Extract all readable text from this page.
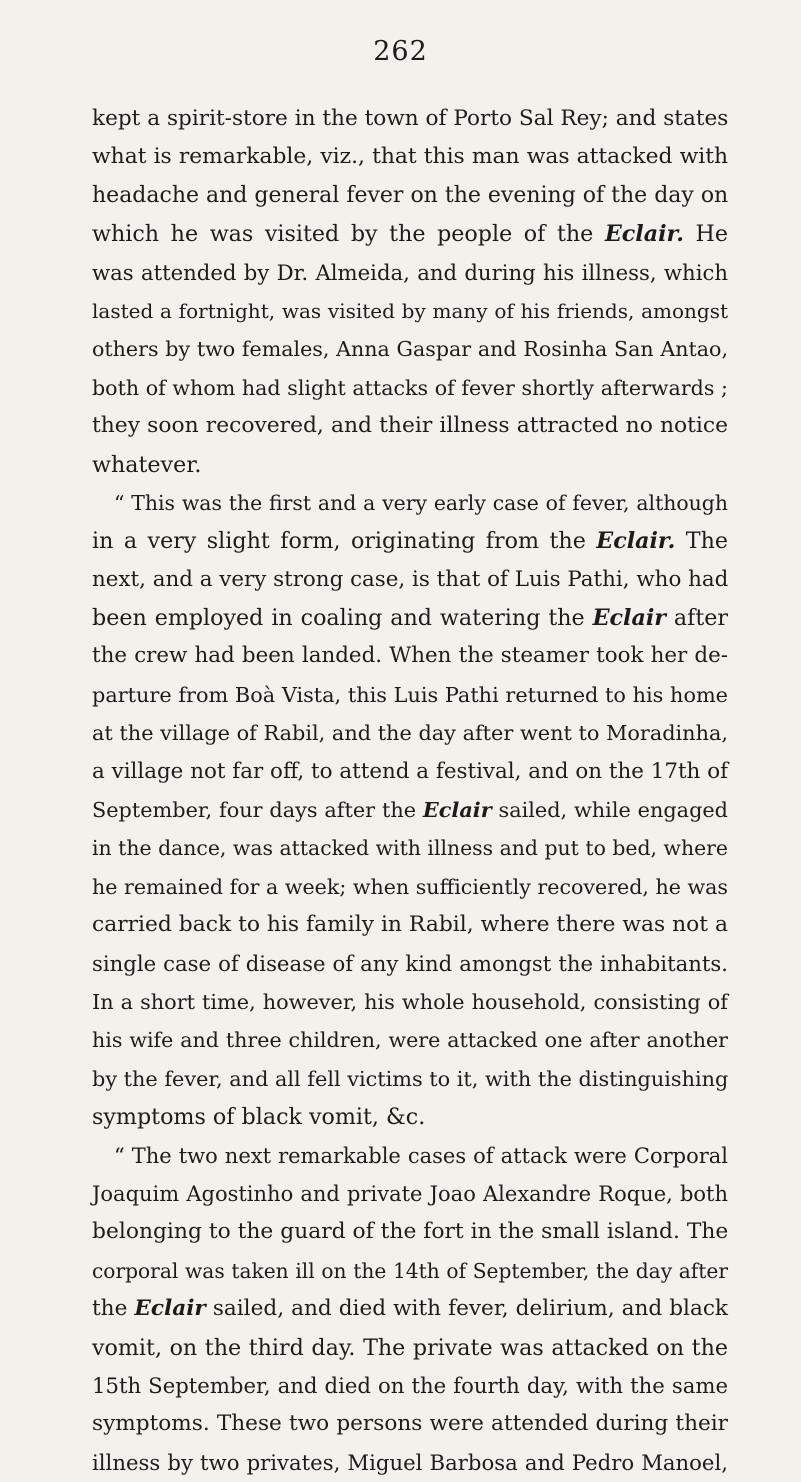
262
kept a spirit-store in the town of Porto Sal Rey; and states
what is remarkable, viz., that this man was attacked with
headache and general fever on the evening of the day on
which he was visited by the people of the Eclair. He
was attended by Dr. Almeida, and during his illness, which
lasted a fortnight, was visited by many of his friends, amongst
others by two females, Anna Gaspar and Rosinha San Antao,
both of whom had slight attacks of fever shortly afterwards ;
they soon recovered, and their illness attracted no notice
whatever.
“ This was the first and a very early case of fever, although
in a very slight form, originating from the Eclair. The
next, and a very strong case, is that of Luis Pathi, who had
been employed in coaling and watering the Eclair after
the crew had been landed. When the steamer took her de-
parture from Boà Vista, this Luis Pathi returned to his home
at the village of Rabil, and the day after went to Moradinha,
a village not far off, to attend a festival, and on the 17th of
September, four days after the Eclair sailed, while engaged
in the dance, was attacked with illness and put to bed, where
he remained for a week; when sufficiently recovered, he was
carried back to his family in Rabil, where there was not a
single case of disease of any kind amongst the inhabitants.
In a short time, however, his whole household, consisting of
his wife and three children, were attacked one after another
by the fever, and all fell victims to it, with the distinguishing
symptoms of black vomit, &c.
“ The two next remarkable cases of attack were Corporal
Joaquim Agostinho and private Joao Alexandre Roque, both
belonging to the guard of the fort in the small island. The
corporal was taken ill on the 14th of September, the day after
the Eclair sailed, and died with fever, delirium, and black
vomit, on the third day. The private was attacked on the
15th September, and died on the fourth day, with the same
symptoms. These two persons were attended during their
illness by two privates, Miguel Barbosa and Pedro Manoel,
